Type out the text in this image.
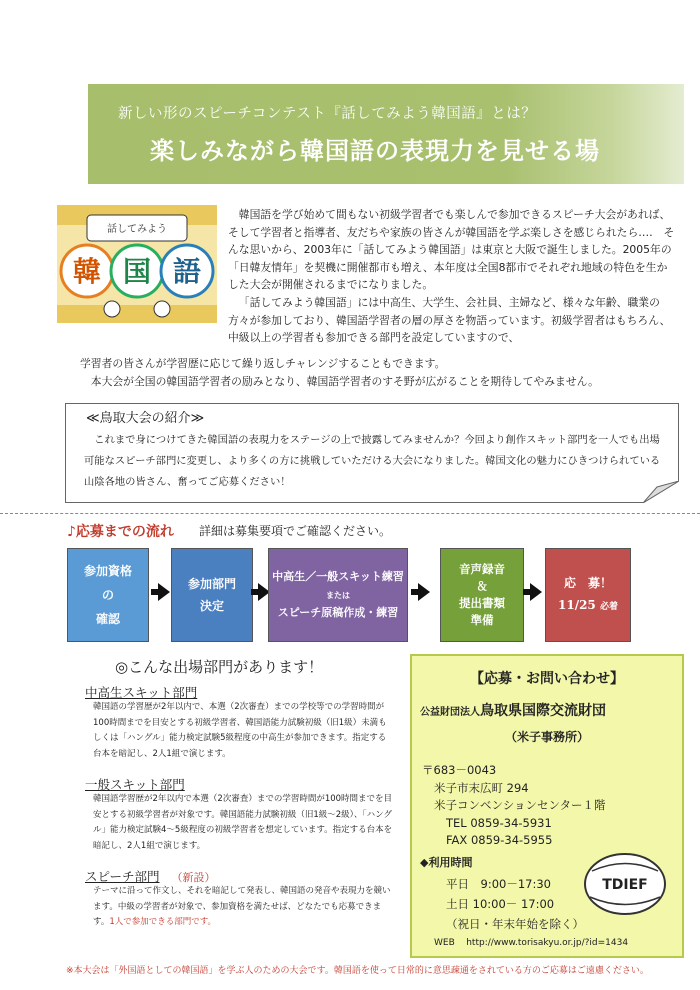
新しい形のスピーチコンテスト『話してみよう韓国語』とは？
楽しみながら韓国語の表現力を見せる場
話してみよう
韓 国 語

韓国語を学び始めて間もない初級学習者でも楽しんで参加できるスピーチ大会があれば、そして学習者と指導者、友だちや家族の皆さんが韓国語を学ぶ楽しさを感じられたら‥‥　そんな思いから、2003年に「話してみよう韓国語」は東京と大阪で誕生しました。2005年の「日韓友情年」を契機に開催都市も増え、本年度は全国8都市でそれぞれ地域の特色を生かした大会が開催されるまでになりました。

「話してみよう韓国語」には中高生、大学生、会社員、主婦など、様々な年齢、職業の方々が参加しており、韓国語学習者の層の厚さを物語っています。初級学習者はもちろん、中級以上の学習者も参加できる部門を設定していますので、

学習者の皆さんが学習歴に応じて繰り返しチャレンジすることもできます。

本大会が全国の韓国語学習者の励みとなり、韓国語学習者のすそ野が広がることを期待してやみません。

≪鳥取大会の紹介≫
これまで身につけてきた韓国語の表現力をステージの上で披露してみませんか？今回より創作スキット部門を一人でも出場可能なスピーチ部門に変更し、より多くの方に挑戦していただける大会になりました。韓国文化の魅力にひきつけられている山陰各地の皆さん、奮ってご応募ください！
♪応募までの流れ 詳細は募集要項でご確認ください。
参加資格
の
確認
参加部門
決定
中高生／一般スキット練習
または
スピーチ原稿作成・練習
音声録音
＆
提出書類
準備
応　募！
11/25 必着
◎こんな出場部門があります！
中高生スキット部門
韓国語の学習歴が2年以内で、本選（2次審査）までの学校等での学習時間が100時間までを目安とする初級学習者、韓国語能力試験初級（旧1級）未満もしくは「ハングル」能力検定試験5級程度の中高生が参加できます。指定する台本を暗記し、2人1組で演じます。
一般スキット部門
韓国語学習歴が2年以内で本選（2次審査）までの学習時間が100時間までを目安とする初級学習者が対象です。韓国語能力試験初級（旧1級～2級）、「ハングル」能力検定試験4～5級程度の初級学習者を想定しています。指定する台本を暗記し、2人1組で演じます。
スピーチ部門 （新設）
テーマに沿って作文し、それを暗記して発表し、韓国語の発音や表現力を競います。中級の学習者が対象で、参加資格を満たせば、どなたでも応募できます。1人で参加できる部門です。
【応募・お問い合わせ】
公益財団法人鳥取県国際交流財団
（米子事務所）
〒683－0043
米子市末広町 294
米子コンベンションセンター１階
TEL 0859-34-5931
FAX 0859-34-5955
◆利用時間
平日　9:00－17:30
土日 10:00－ 17:00
（祝日・年末年始を除く）
TDIEF
WEB http://www.torisakyu.or.jp/?id=1434
※本大会は「外国語としての韓国語」を学ぶ人のための大会です。韓国語を使って日常的に意思疎通をされている方のご応募はご遠慮ください。
